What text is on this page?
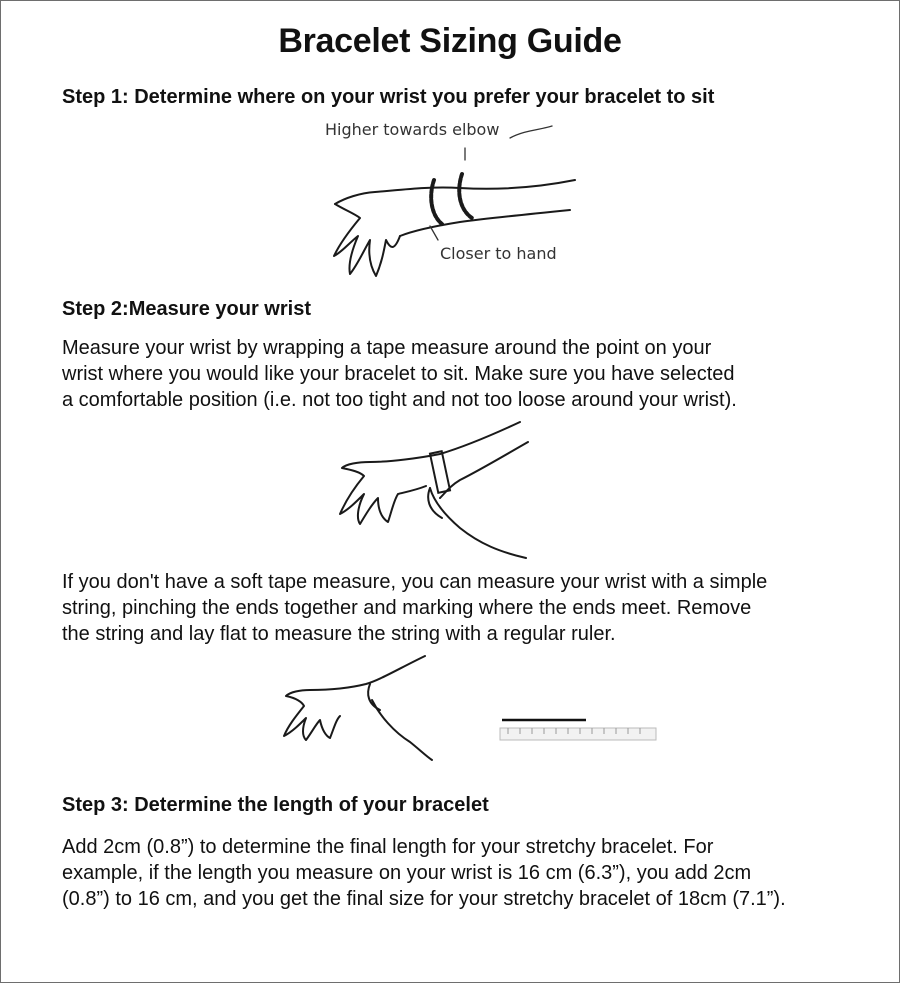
Bracelet Sizing Guide
Step 1: Determine where on your wrist you prefer your bracelet to sit
Higher towards elbow
Closer to hand
Step 2:Measure your wrist
Measure your wrist by wrapping a tape measure around the point on your
wrist where you would like your bracelet to sit. Make sure you have selected
a comfortable position (i.e. not too tight and not too loose around your wrist).
If you don't have a soft tape measure, you can measure your wrist with a simple
string, pinching the ends together and marking where the ends meet. Remove
the string and lay flat to measure the string with a regular ruler.
Step 3: Determine the length of your bracelet
Add 2cm (0.8”) to determine the final length for your stretchy bracelet. For
example, if the length you measure on your wrist is 16 cm (6.3”), you add 2cm
(0.8”) to 16 cm, and you get the final size for your stretchy bracelet of 18cm (7.1”).
